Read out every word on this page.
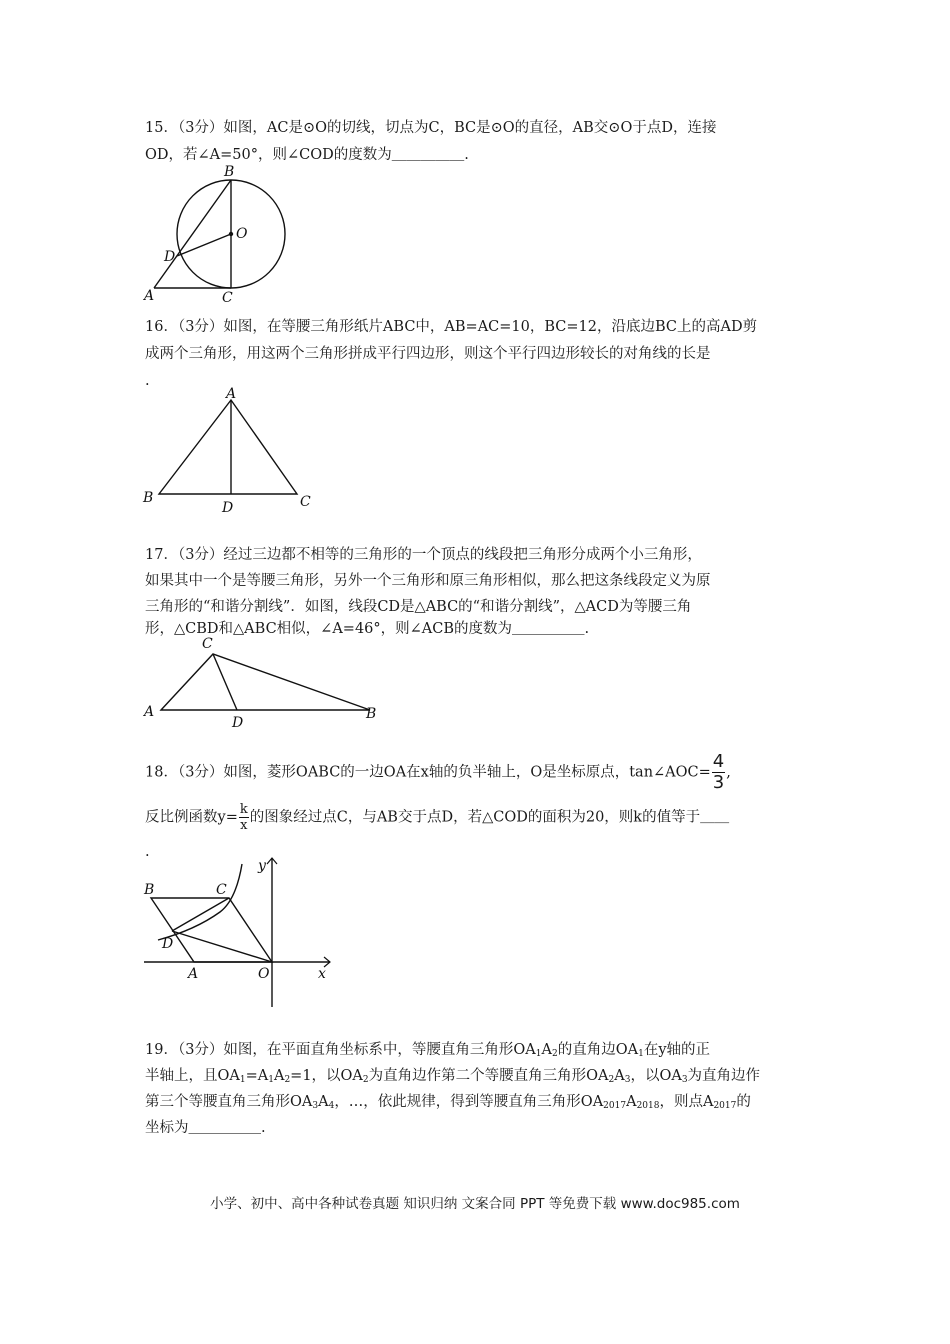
15．（3分）如图，AC是⊙O的切线，切点为C，BC是⊙O的直径，AB交⊙O于点D，连接
OD，若∠A=50°，则∠COD的度数为＿＿＿＿＿.
B
O
D
A	C
16．（3分）如图，在等腰三角形纸片ABC中，AB=AC=10，BC=12，沿底边BC上的高AD剪
成两个三角形，用这两个三角形拼成平行四边形，则这个平行四边形较长的对角线的长是
.
A
B	C
D
17．（3分）经过三边都不相等的三角形的一个顶点的线段把三角形分成两个小三角形，
如果其中一个是等腰三角形，另外一个三角形和原三角形相似，那么把这条线段定义为原
三角形的“和谐分割线”．如图，线段CD是△ABC的“和谐分割线”，△ACD为等腰三角
形，△CBD和△ABC相似，∠A=46°，则∠ACB的度数为＿＿＿＿＿.
C
A
D
B
18．（3分）如图，菱形OABC的一边OA在x轴的负半轴上，O是坐标原点，tan∠AOC= $\frac{4}{3}$ ,
反比例函数$y= \frac{k}{x}$ 的图象经过点C，与AB交于点D，若△COD的面积为20，则k的值等于＿＿
.
B	C
D
A	O	x
y
19．（3分）如图，在平面直角坐标系中，等腰直角三角形$OA_1A_2$的直角边$OA_1$在y轴的正
半轴上，且$OA_1=A_1A_2=1$，以$OA_2$为直角边作第二个等腰直角三角形$OA_2A_3$，以$OA_3$为直角边作
第三个等腰直角三角形$OA_3A_4$，…，依此规律，得到等腰直角三角形$OA_{2017}A_{2018}$，则点$A_{2017}$的
坐标为＿＿＿＿＿.
小学、初中、高中各种试卷真题 知识归纳 文案合同 PPT 等免费下载 www.doc985.com
